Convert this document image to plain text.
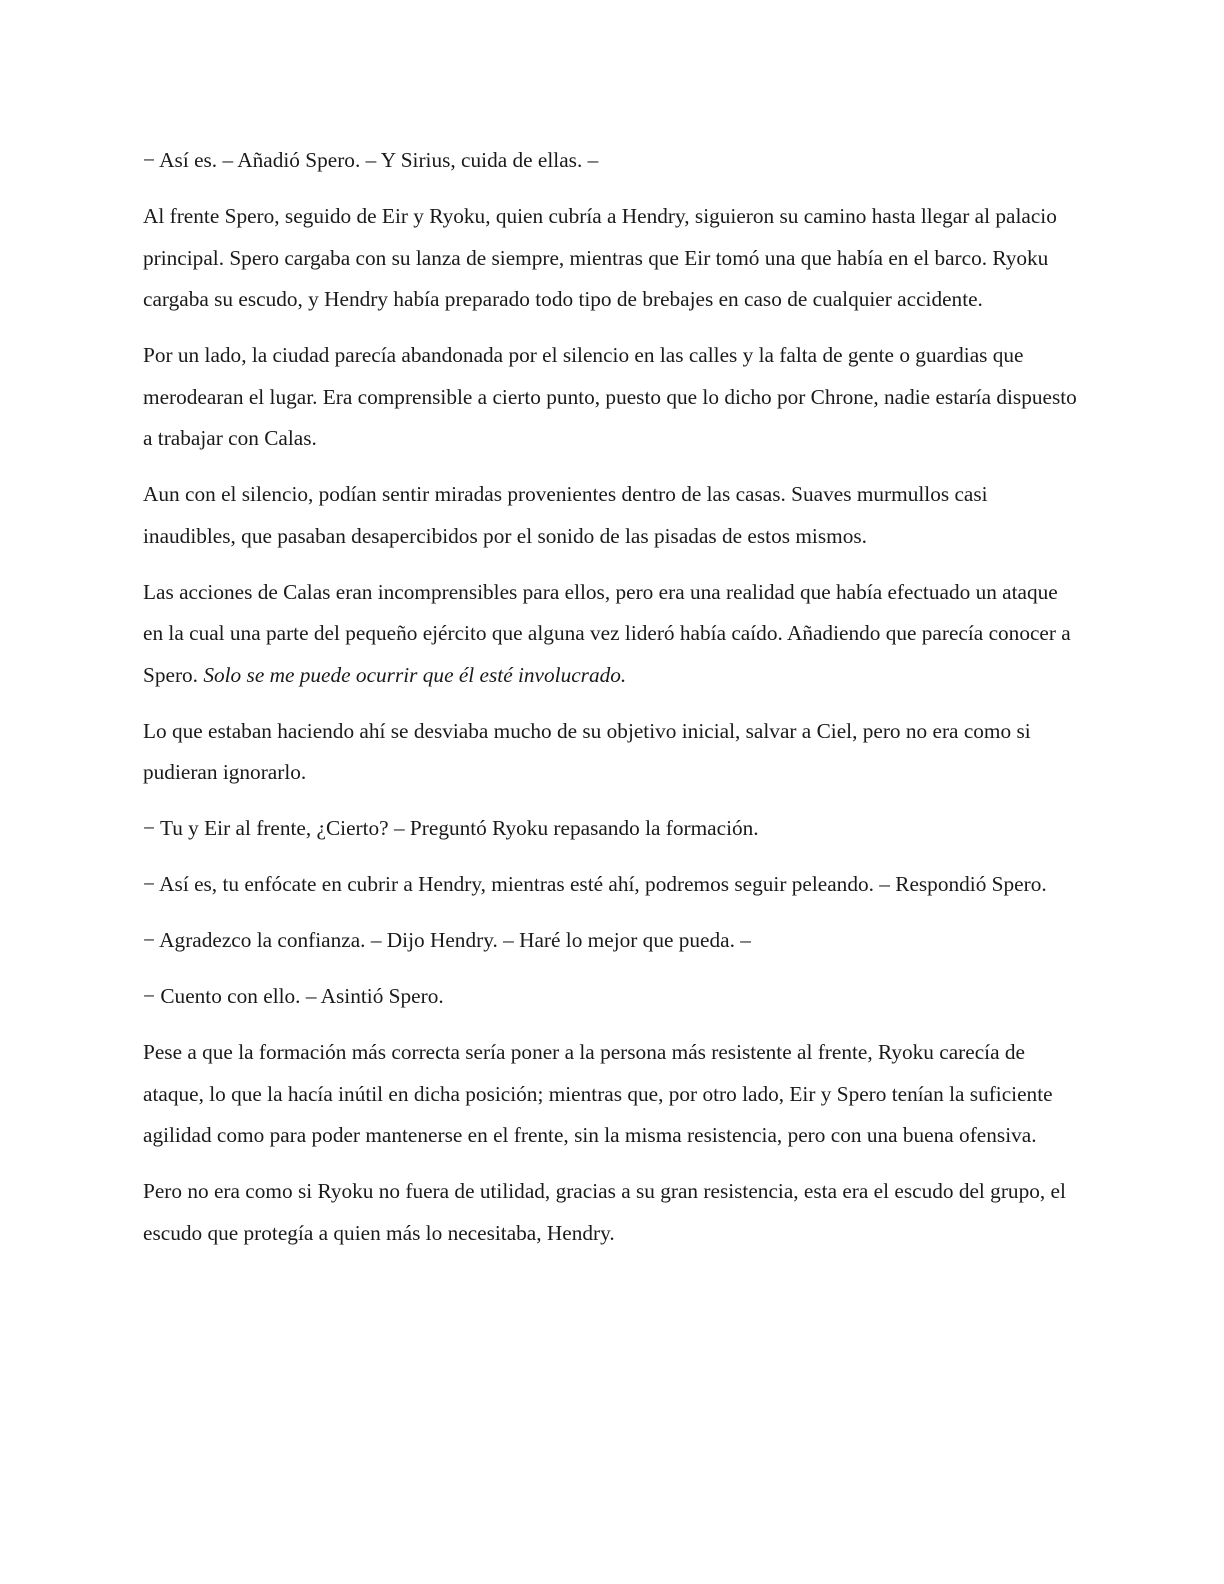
− Así es. – Añadió Spero. – Y Sirius, cuida de ellas. –

Al frente Spero, seguido de Eir y Ryoku, quien cubría a Hendry, siguieron su camino hasta llegar al palacio principal. Spero cargaba con su lanza de siempre, mientras que Eir tomó una que había en el barco. Ryoku cargaba su escudo, y Hendry había preparado todo tipo de brebajes en caso de cualquier accidente.

Por un lado, la ciudad parecía abandonada por el silencio en las calles y la falta de gente o guardias que merodearan el lugar. Era comprensible a cierto punto, puesto que lo dicho por Chrone, nadie estaría dispuesto a trabajar con Calas.

Aun con el silencio, podían sentir miradas provenientes dentro de las casas. Suaves murmullos casi inaudibles, que pasaban desapercibidos por el sonido de las pisadas de estos mismos.

Las acciones de Calas eran incomprensibles para ellos, pero era una realidad que había efectuado un ataque en la cual una parte del pequeño ejército que alguna vez lideró había caído. Añadiendo que parecía conocer a Spero. Solo se me puede ocurrir que él esté involucrado.

Lo que estaban haciendo ahí se desviaba mucho de su objetivo inicial, salvar a Ciel, pero no era como si pudieran ignorarlo.

− Tu y Eir al frente, ¿Cierto? – Preguntó Ryoku repasando la formación.

− Así es, tu enfócate en cubrir a Hendry, mientras esté ahí, podremos seguir peleando. – Respondió Spero.

− Agradezco la confianza. – Dijo Hendry. – Haré lo mejor que pueda. –

− Cuento con ello. – Asintió Spero.

Pese a que la formación más correcta sería poner a la persona más resistente al frente, Ryoku carecía de ataque, lo que la hacía inútil en dicha posición; mientras que, por otro lado, Eir y Spero tenían la suficiente agilidad como para poder mantenerse en el frente, sin la misma resistencia, pero con una buena ofensiva.

Pero no era como si Ryoku no fuera de utilidad, gracias a su gran resistencia, esta era el escudo del grupo, el escudo que protegía a quien más lo necesitaba, Hendry.
